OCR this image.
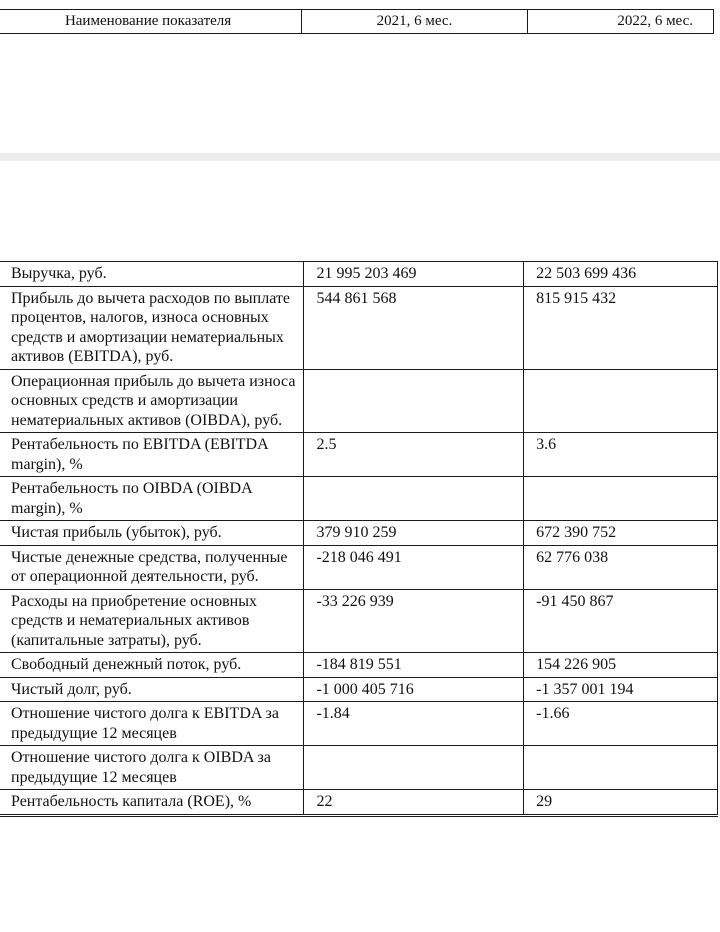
Наименование показателя	2021, 6 мес.	2022, 6 мес.
Выручка, руб.	21 995 203 469	22 503 699 436
Прибыль до вычета расходов по выплате процентов, налогов, износа основных средств и амортизации нематериальных активов (EBITDA), руб.	544 861 568	815 915 432
Операционная прибыль до вычета износа основных средств и амортизации нематериальных активов (OIBDA), руб.		
Рентабельность по EBITDA (EBITDA margin), %	2.5	3.6
Рентабельность по OIBDA (OIBDA margin), %		
Чистая прибыль (убыток), руб.	379 910 259	672 390 752
Чистые денежные средства, полученные от операционной деятельности, руб.	-218 046 491	62 776 038
Расходы на приобретение основных средств и нематериальных активов (капитальные затраты), руб.	-33 226 939	-91 450 867
Свободный денежный поток, руб.	-184 819 551	154 226 905
Чистый долг, руб.	-1 000 405 716	-1 357 001 194
Отношение чистого долга к EBITDA за предыдущие 12 месяцев	-1.84	-1.66
Отношение чистого долга к OIBDA за предыдущие 12 месяцев		
Рентабельность капитала (ROE), %	22	29
